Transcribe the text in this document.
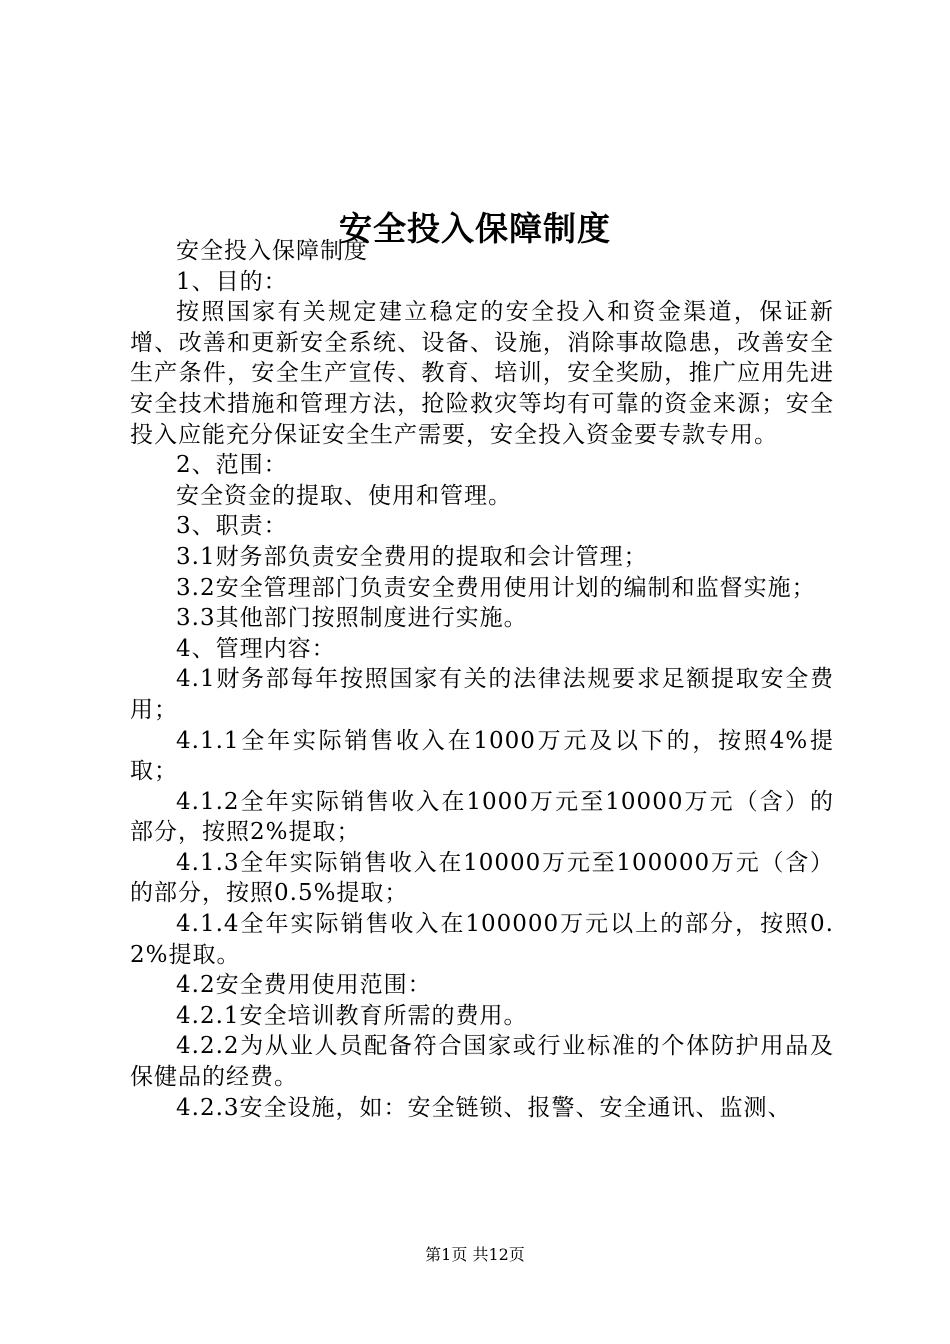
安全投入保障制度

安全投入保障制度

1、目的：

按照国家有关规定建立稳定的安全投入和资金渠道，保证新增、改善和更新安全系统、设备、设施，消除事故隐患，改善安全生产条件，安全生产宣传、教育、培训，安全奖励，推广应用先进安全技术措施和管理方法，抢险救灾等均有可靠的资金来源；安全投入应能充分保证安全生产需要，安全投入资金要专款专用。

2、范围：

安全资金的提取、使用和管理。

3、职责：

3.1财务部负责安全费用的提取和会计管理；

3.2安全管理部门负责安全费用使用计划的编制和监督实施；

3.3其他部门按照制度进行实施。

4、管理内容：

4.1财务部每年按照国家有关的法律法规要求足额提取安全费用；

4.1.1全年实际销售收入在1000万元及以下的，按照4%提取；

4.1.2全年实际销售收入在1000万元至10000万元（含）的部分，按照2%提取；

4.1.3全年实际销售收入在10000万元至100000万元（含）的部分，按照0.5%提取；

4.1.4全年实际销售收入在100000万元以上的部分，按照0.2%提取。

4.2安全费用使用范围：

4.2.1安全培训教育所需的费用。

4.2.2为从业人员配备符合国家或行业标准的个体防护用品及保健品的经费。

4.2.3安全设施，如：安全链锁、报警、安全通讯、监测、

第1页 共12页
